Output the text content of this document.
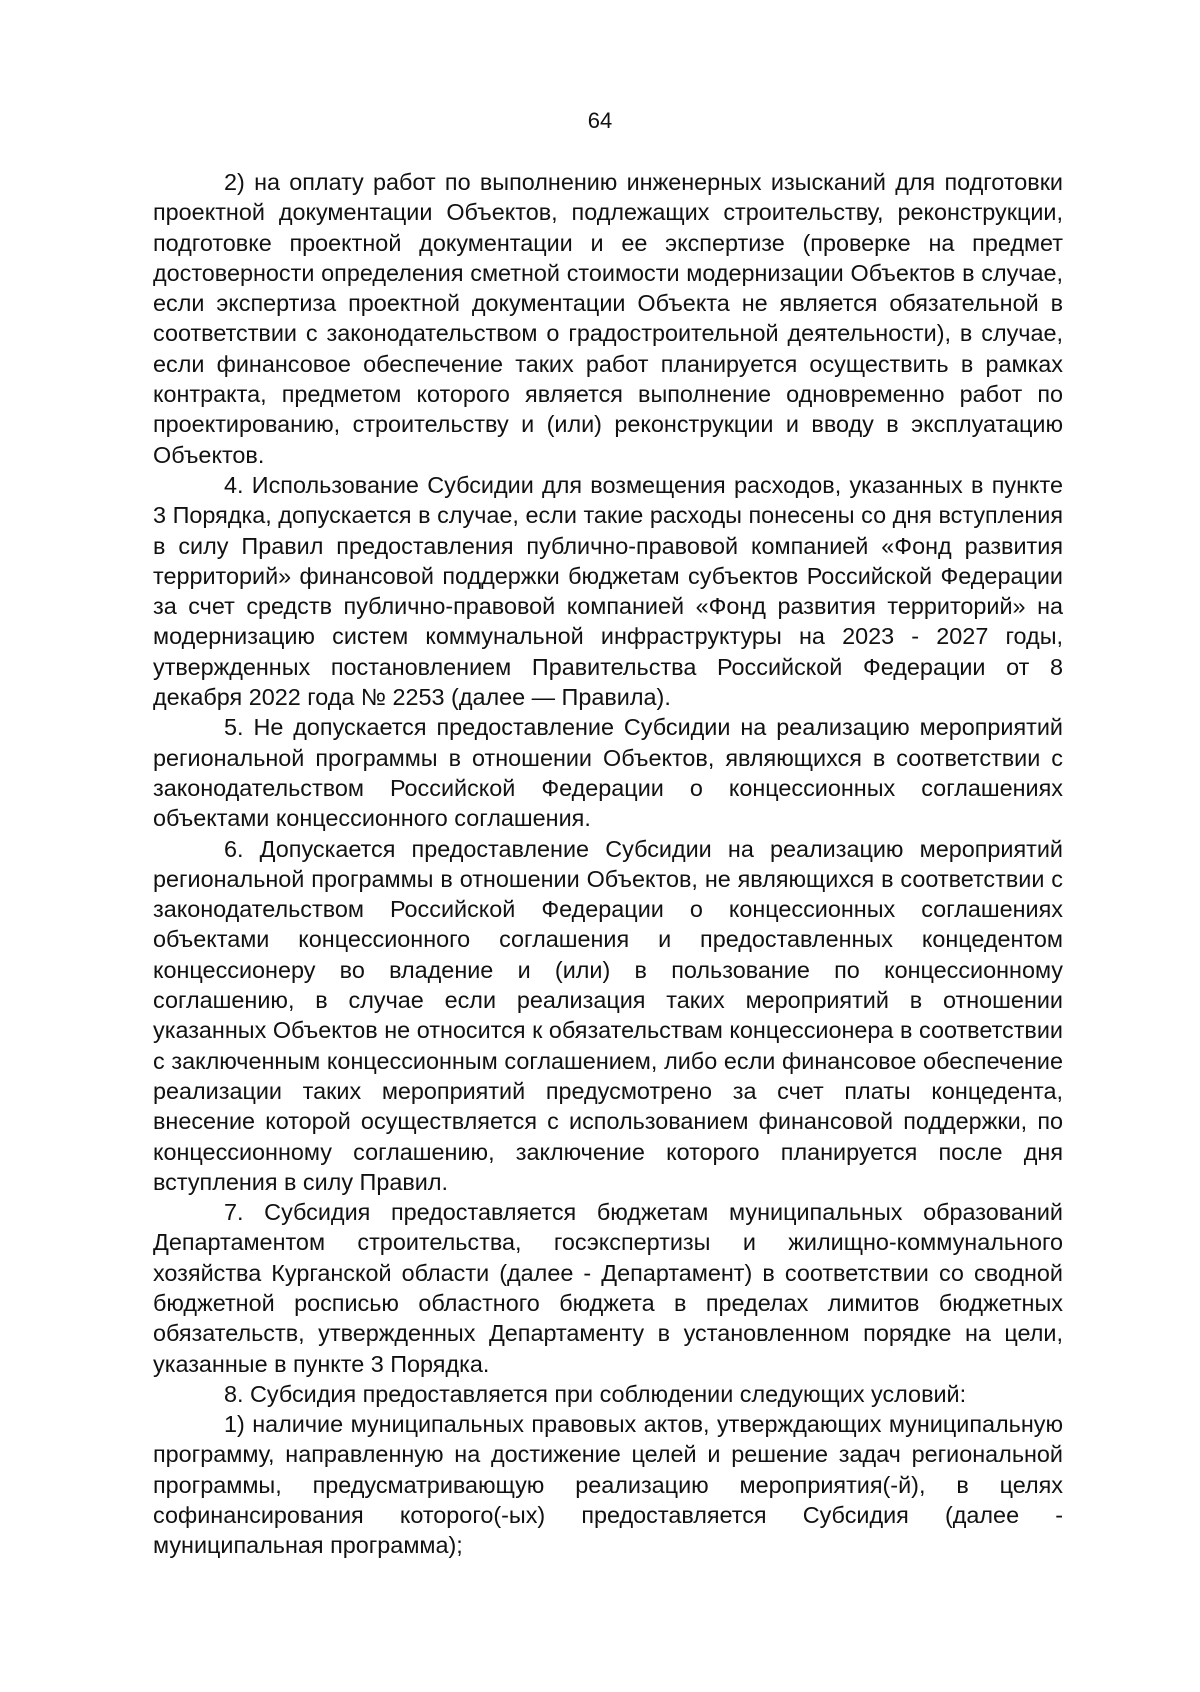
64

2) на оплату работ по выполнению инженерных изысканий для подготовки проектной документации Объектов, подлежащих строительству, реконструкции, подготовке проектной документации и ее экспертизе (проверке на предмет достоверности определения сметной стоимости модернизации Объектов в случае, если экспертиза проектной документации Объекта не является обязательной в соответствии с законодательством о градостроительной деятельности), в случае, если финансовое обеспечение таких работ планируется осуществить в рамках контракта, предметом которого является выполнение одновременно работ по проектированию, строительству и (или) реконструкции и вводу в эксплуатацию Объектов.

4. Использование Субсидии для возмещения расходов, указанных в пункте 3 Порядка, допускается в случае, если такие расходы понесены со дня вступления в силу Правил предоставления публично-правовой компанией «Фонд развития территорий» финансовой поддержки бюджетам субъектов Российской Федерации за счет средств публично-правовой компанией «Фонд развития территорий» на модернизацию систем коммунальной инфраструктуры на 2023 - 2027 годы, утвержденных постановлением Правительства Российской Федерации от 8 декабря 2022 года № 2253 (далее — Правила).

5. Не допускается предоставление Субсидии на реализацию мероприятий региональной программы в отношении Объектов, являющихся в соответствии с законодательством Российской Федерации о концессионных соглашениях объектами концессионного соглашения.

6. Допускается предоставление Субсидии на реализацию мероприятий региональной программы в отношении Объектов, не являющихся в соответствии с законодательством Российской Федерации о концессионных соглашениях объектами концессионного соглашения и предоставленных концедентом концессионеру во владение и (или) в пользование по концессионному соглашению, в случае если реализация таких мероприятий в отношении указанных Объектов не относится к обязательствам концессионера в соответствии с заключенным концессионным соглашением, либо если финансовое обеспечение реализации таких мероприятий предусмотрено за счет платы концедента, внесение которой осуществляется с использованием финансовой поддержки, по концессионному соглашению, заключение которого планируется после дня вступления в силу Правил.

7. Субсидия предоставляется бюджетам муниципальных образований Департаментом строительства, госэкспертизы и жилищно-коммунального хозяйства Курганской области (далее - Департамент) в соответствии со сводной бюджетной росписью областного бюджета в пределах лимитов бюджетных обязательств, утвержденных Департаменту в установленном порядке на цели, указанные в пункте 3 Порядка.

8. Субсидия предоставляется при соблюдении следующих условий:

1) наличие муниципальных правовых актов, утверждающих муниципальную программу, направленную на достижение целей и решение задач региональной программы, предусматривающую реализацию мероприятия(-й), в целях софинансирования которого(-ых) предоставляется Субсидия (далее - муниципальная программа);
